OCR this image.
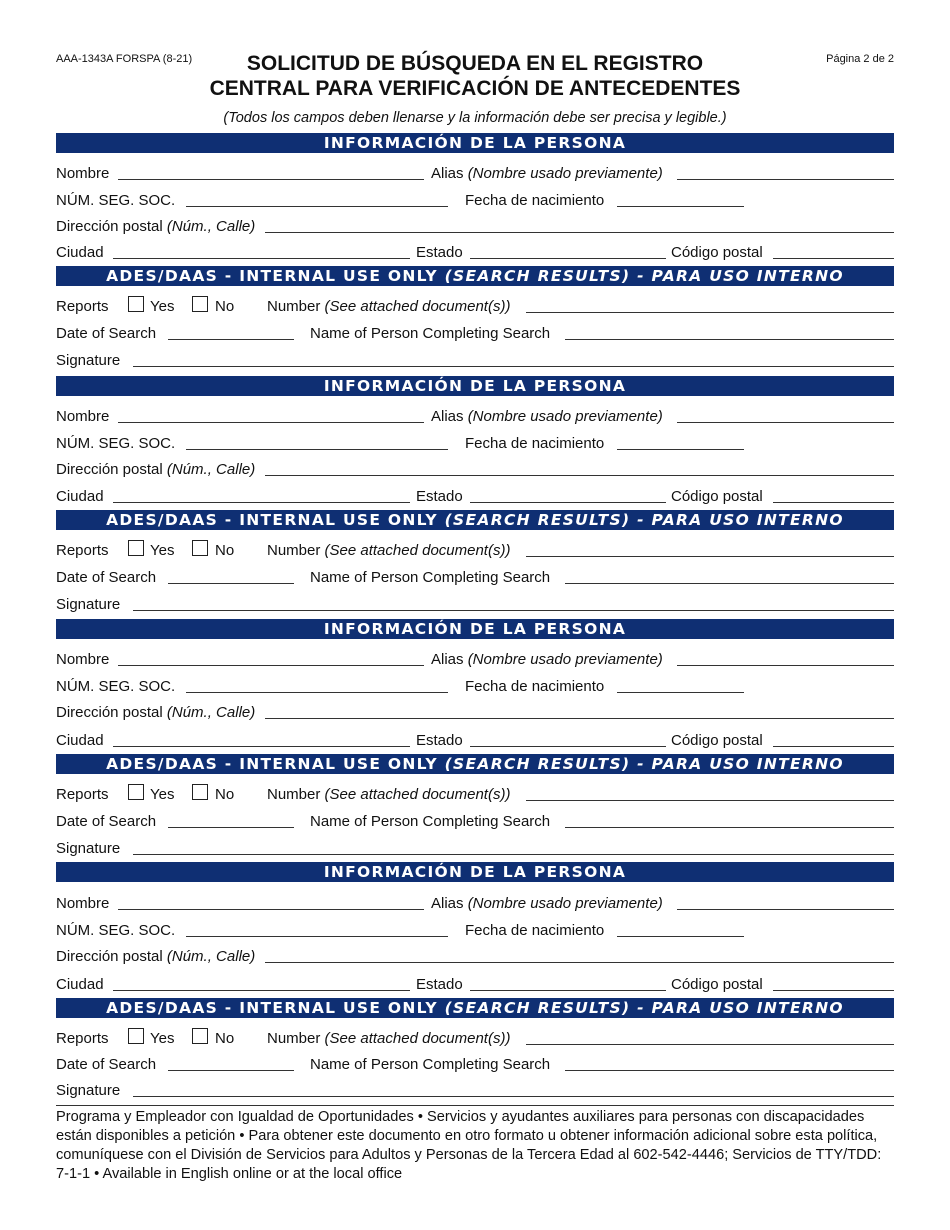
AAA-1343A FORSPA (8-21)	Página 2 de 2
SOLICITUD DE BÚSQUEDA EN EL REGISTRO
CENTRAL PARA VERIFICACIÓN DE ANTECEDENTES
(Todos los campos deben llenarse y la información debe ser precisa y legible.)
INFORMACIÓN DE LA PERSONA
Nombre	Alias (Nombre usado previamente)
NÚM. SEG. SOC.	Fecha de nacimiento
Dirección postal (Núm., Calle)
Ciudad	Estado	Código postal
ADES/DAAS - INTERNAL USE ONLY (SEARCH RESULTS) - PARA USO INTERNO
Reports	Yes	No Number (See attached document(s))
Date of Search	Name of Person Completing Search
Signature
INFORMACIÓN DE LA PERSONA
Nombre	Alias (Nombre usado previamente)
NÚM. SEG. SOC.	Fecha de nacimiento
Dirección postal (Núm., Calle)
Ciudad	Estado	Código postal
ADES/DAAS - INTERNAL USE ONLY (SEARCH RESULTS) - PARA USO INTERNO
Reports	Yes	No Number (See attached document(s))
Date of Search	Name of Person Completing Search
Signature
INFORMACIÓN DE LA PERSONA
Nombre	Alias (Nombre usado previamente)
NÚM. SEG. SOC.	Fecha de nacimiento
Dirección postal (Núm., Calle)
Ciudad	Estado	Código postal
ADES/DAAS - INTERNAL USE ONLY (SEARCH RESULTS) - PARA USO INTERNO
Reports	Yes	No Number (See attached document(s))
Date of Search	Name of Person Completing Search
Signature
INFORMACIÓN DE LA PERSONA
Nombre	Alias (Nombre usado previamente)
NÚM. SEG. SOC.	Fecha de nacimiento
Dirección postal (Núm., Calle)
Ciudad	Estado	Código postal
ADES/DAAS - INTERNAL USE ONLY (SEARCH RESULTS) - PARA USO INTERNO
Reports	Yes	No Number (See attached document(s))
Date of Search	Name of Person Completing Search
Signature
Programa y Empleador con Igualdad de Oportunidades • Servicios y ayudantes auxiliares para personas con discapacidades están disponibles a petición • Para obtener este documento en otro formato u obtener información adicional sobre esta política, comuníquese con el División de Servicios para Adultos y Personas de la Tercera Edad al 602-542-4446; Servicios de TTY/TDD: 7-1-1 • Available in English online or at the local office
